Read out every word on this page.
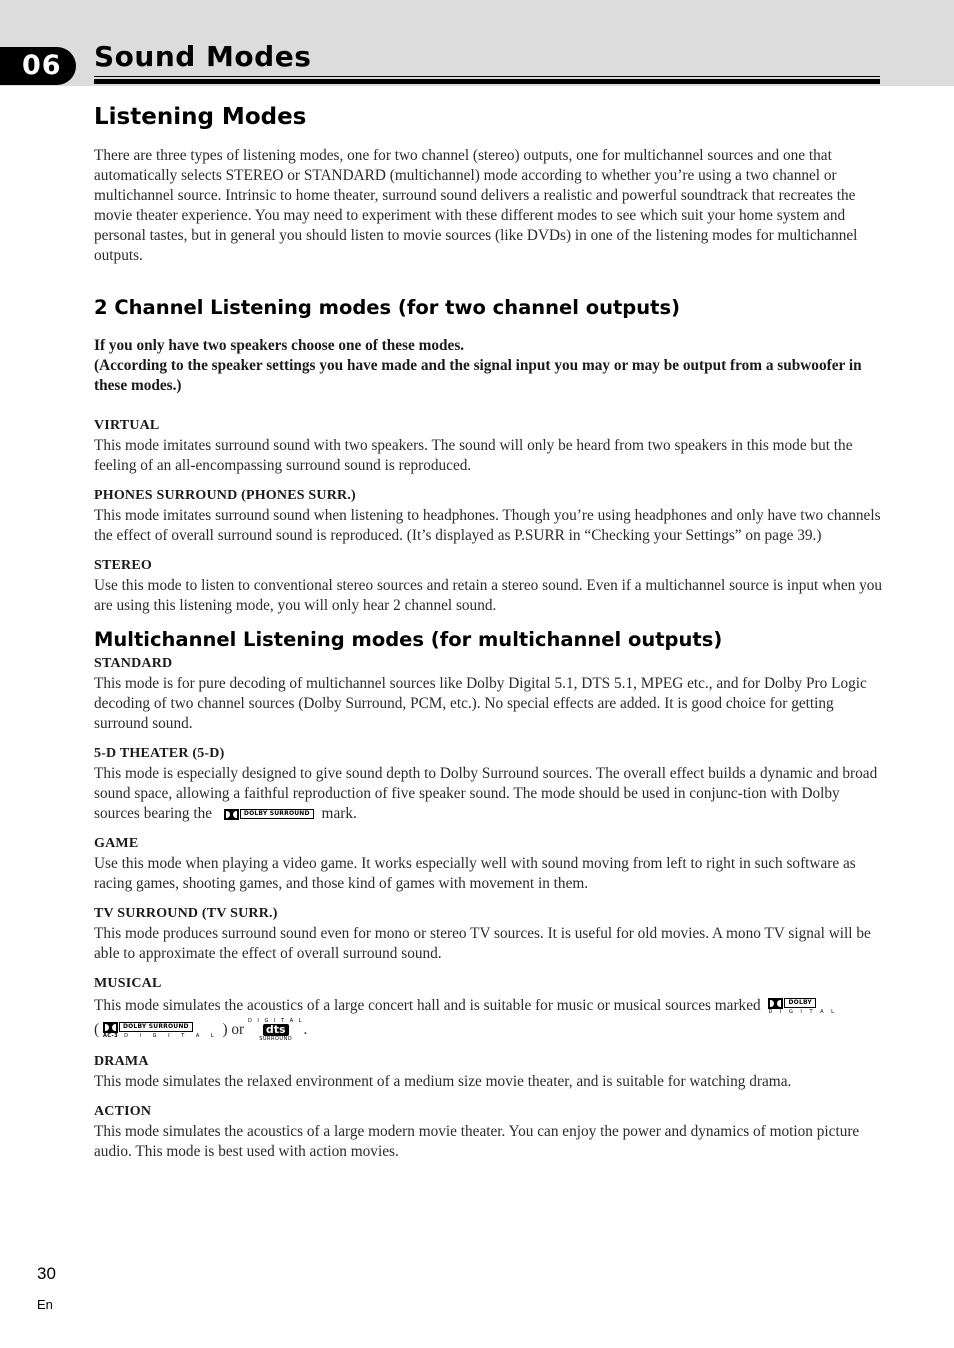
06	Sound Modes
Listening Modes

There are three types of listening modes, one for two channel (stereo) outputs, one for multichannel sources and one that automatically selects STEREO or STANDARD (multichannel) mode according to whether you’re using a two channel or multichannel source. Intrinsic to home theater, surround sound delivers a realistic and powerful soundtrack that recreates the movie theater experience. You may need to experiment with these different modes to see which suit your home system and personal tastes, but in general you should listen to movie sources (like DVDs) in one of the listening modes for multichannel outputs.

2 Channel Listening modes (for two channel outputs)

If you only have two speakers choose one of these modes.

(According to the speaker settings you have made and the signal input you may or may be output from a subwoofer in these modes.)

VIRTUAL

This mode imitates surround sound with two speakers. The sound will only be heard from two speakers in this mode but the feeling of an all-encompassing surround sound is reproduced.

PHONES SURROUND (PHONES SURR.)

This mode imitates surround sound when listening to headphones. Though you’re using headphones and only have two channels the effect of overall surround sound is reproduced. (It’s displayed as P.SURR in “Checking your Settings” on page 39.)

STEREO

Use this mode to listen to conventional stereo sources and retain a stereo sound. Even if a multichannel source is input when you are using this listening mode, you will only hear 2 channel sound.

Multichannel Listening modes (for multichannel outputs)
STANDARD

This mode is for pure decoding of multichannel sources like Dolby Digital 5.1, DTS 5.1, MPEG etc., and for Dolby Pro Logic decoding of two channel sources (Dolby Surround, PCM, etc.). No special effects are added. It is good choice for getting surround sound.

5-D THEATER (5-D)

This mode is especially designed to give sound depth to Dolby Surround sources. The overall effect builds a dynamic and broad sound space, allowing a faithful reproduction of five speaker sound. The mode should be used in conjunc-tion with Dolby sources bearing the	DOLBY SURROUND mark.

GAME

Use this mode when playing a video game. It works especially well with sound moving from left to right in such software as racing games, shooting games, and those kind of games with movement in them.

TV SURROUND (TV SURR.)

This mode produces surround sound even for mono or stereo TV sources. It is useful for old movies. A mono TV signal will be able to approximate the effect of overall surround sound.

MUSICAL

This mode simulates the acoustics of a large concert hall and is suitable for music or musical sources marked	DOLBY
D I G I T A L

(	DOLBY SURROUND
AC-3 D I G I T A L ) or D I G I T A L
dts
SURROUND
.

DRAMA

This mode simulates the relaxed environment of a medium size movie theater, and is suitable for watching drama.

ACTION

This mode simulates the acoustics of a large modern movie theater. You can enjoy the power and dynamics of motion picture audio. This mode is best used with action movies.

30
En
